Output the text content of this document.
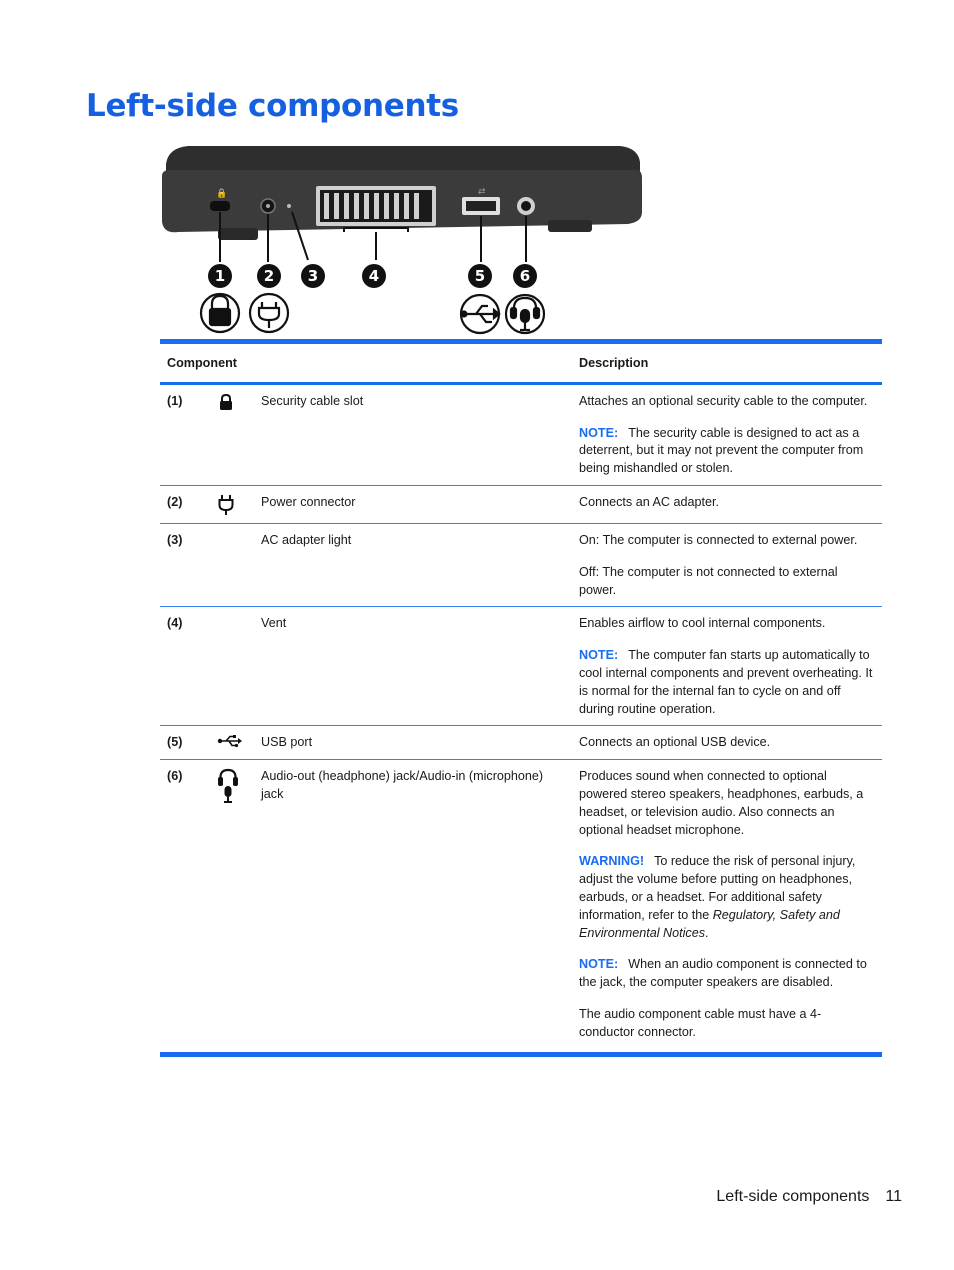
Left-side components
🔒	⇄
1	2 3	4	5 6
Component			Description
(1)		Security cable slot	Attaches an optional security cable to the computer.

NOTE: The security cable is designed to act as a deterrent, but it may not prevent the computer from being mishandled or stolen.

(2)		Power connector	Connects an AC adapter.

(3)		AC adapter light	On: The computer is connected to external power.

Off: The computer is not connected to external power.

(4)		Vent	Enables airflow to cool internal components.

NOTE: The computer fan starts up automatically to cool internal components and prevent overheating. It is normal for the internal fan to cycle on and off during routine operation.

(5)		USB port	Connects an optional USB device.

(6)		Audio-out (headphone) jack/Audio-in (microphone) jack	Produces sound when connected to optional powered stereo speakers, headphones, earbuds, a headset, or television audio. Also connects an optional headset microphone.

WARNING! To reduce the risk of personal injury, adjust the volume before putting on headphones, earbuds, or a headset. For additional safety information, refer to the Regulatory, Safety and Environmental Notices.

NOTE: When an audio component is connected to the jack, the computer speakers are disabled.

The audio component cable must have a 4-conductor connector.

Left-side components 11
